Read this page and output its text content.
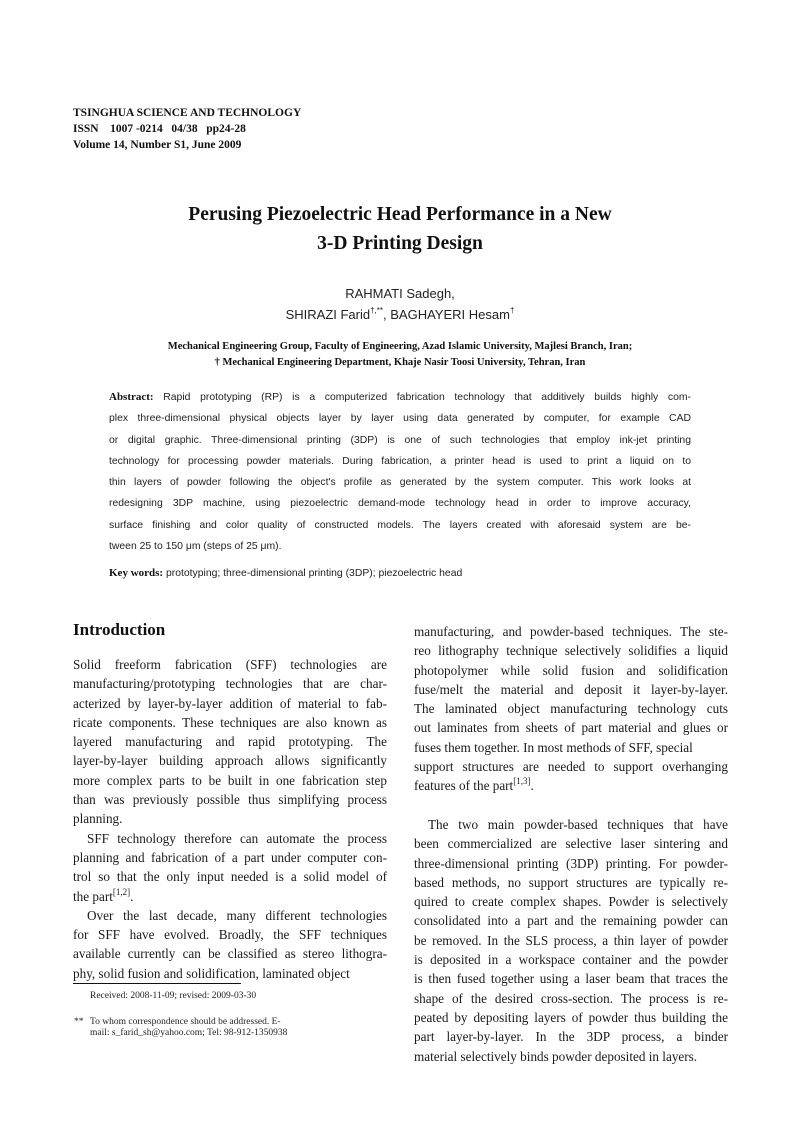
TSINGHUA SCIENCE AND TECHNOLOGY
ISSN    1007 -0214   04/38   pp24-28
Volume 14, Number S1, June 2009
Perusing Piezoelectric Head Performance in a New
3-D Printing Design
RAHMATI Sadegh,
SHIRAZI Farid†,**, BAGHAYERI Hesam†
Mechanical Engineering Group, Faculty of Engineering, Azad Islamic University, Majlesi Branch, Iran;
† Mechanical Engineering Department, Khaje Nasir Toosi University, Tehran, Iran
Abstract: Rapid prototyping (RP) is a computerized fabrication technology that additively builds highly com-
plex three-dimensional physical objects layer by layer using data generated by computer, for example CAD
or digital graphic. Three-dimensional printing (3DP) is one of such technologies that employ ink-jet printing
technology for processing powder materials. During fabrication, a printer head is used to print a liquid on to
thin layers of powder following the object's profile as generated by the system computer. This work looks at
redesigning 3DP machine, using piezoelectric demand-mode technology head in order to improve accuracy,
surface finishing and color quality of constructed models. The layers created with aforesaid system are be-
tween 25 to 150 μm (steps of 25 μm).
Key words: prototyping; three-dimensional printing (3DP); piezoelectric head
Introduction
Solid freeform fabrication (SFF) technologies are
manufacturing/prototyping technologies that are char-
acterized by layer-by-layer addition of material to fab-
ricate components. These techniques are also known as
layered manufacturing and rapid prototyping. The
layer-by-layer building approach allows significantly
more complex parts to be built in one fabrication step
than was previously possible thus simplifying process
planning.
SFF technology therefore can automate the process
planning and fabrication of a part under computer con-
trol so that the only input needed is a solid model of
the part[1,2].
Over the last decade, many different technologies
for SFF have evolved. Broadly, the SFF techniques
available currently can be classified as stereo lithogra-
phy, solid fusion and solidification, laminated object
manufacturing, and powder-based techniques. The ste-
reo lithography technique selectively solidifies a liquid
photopolymer while solid fusion and solidification
fuse/melt the material and deposit it layer-by-layer.
The laminated object manufacturing technology cuts
out laminates from sheets of part material and glues or
fuses them together. In most methods of SFF, special
support structures are needed to support overhanging
features of the part[1,3].
The two main powder-based techniques that have
been commercialized are selective laser sintering and
three-dimensional printing (3DP) printing. For powder-
based methods, no support structures are typically re-
quired to create complex shapes. Powder is selectively
consolidated into a part and the remaining powder can
be removed. In the SLS process, a thin layer of powder
is deposited in a workspace container and the powder
is then fused together using a laser beam that traces the
shape of the desired cross-section. The process is re-
peated by depositing layers of powder thus building the
part layer-by-layer. In the 3DP process, a binder
material selectively binds powder deposited in layers.
Received: 2008-11-09; revised: 2009-03-30
** To whom correspondence should be addressed. E-
mail: s_farid_sh@yahoo.com; Tel: 98-912-1350938
